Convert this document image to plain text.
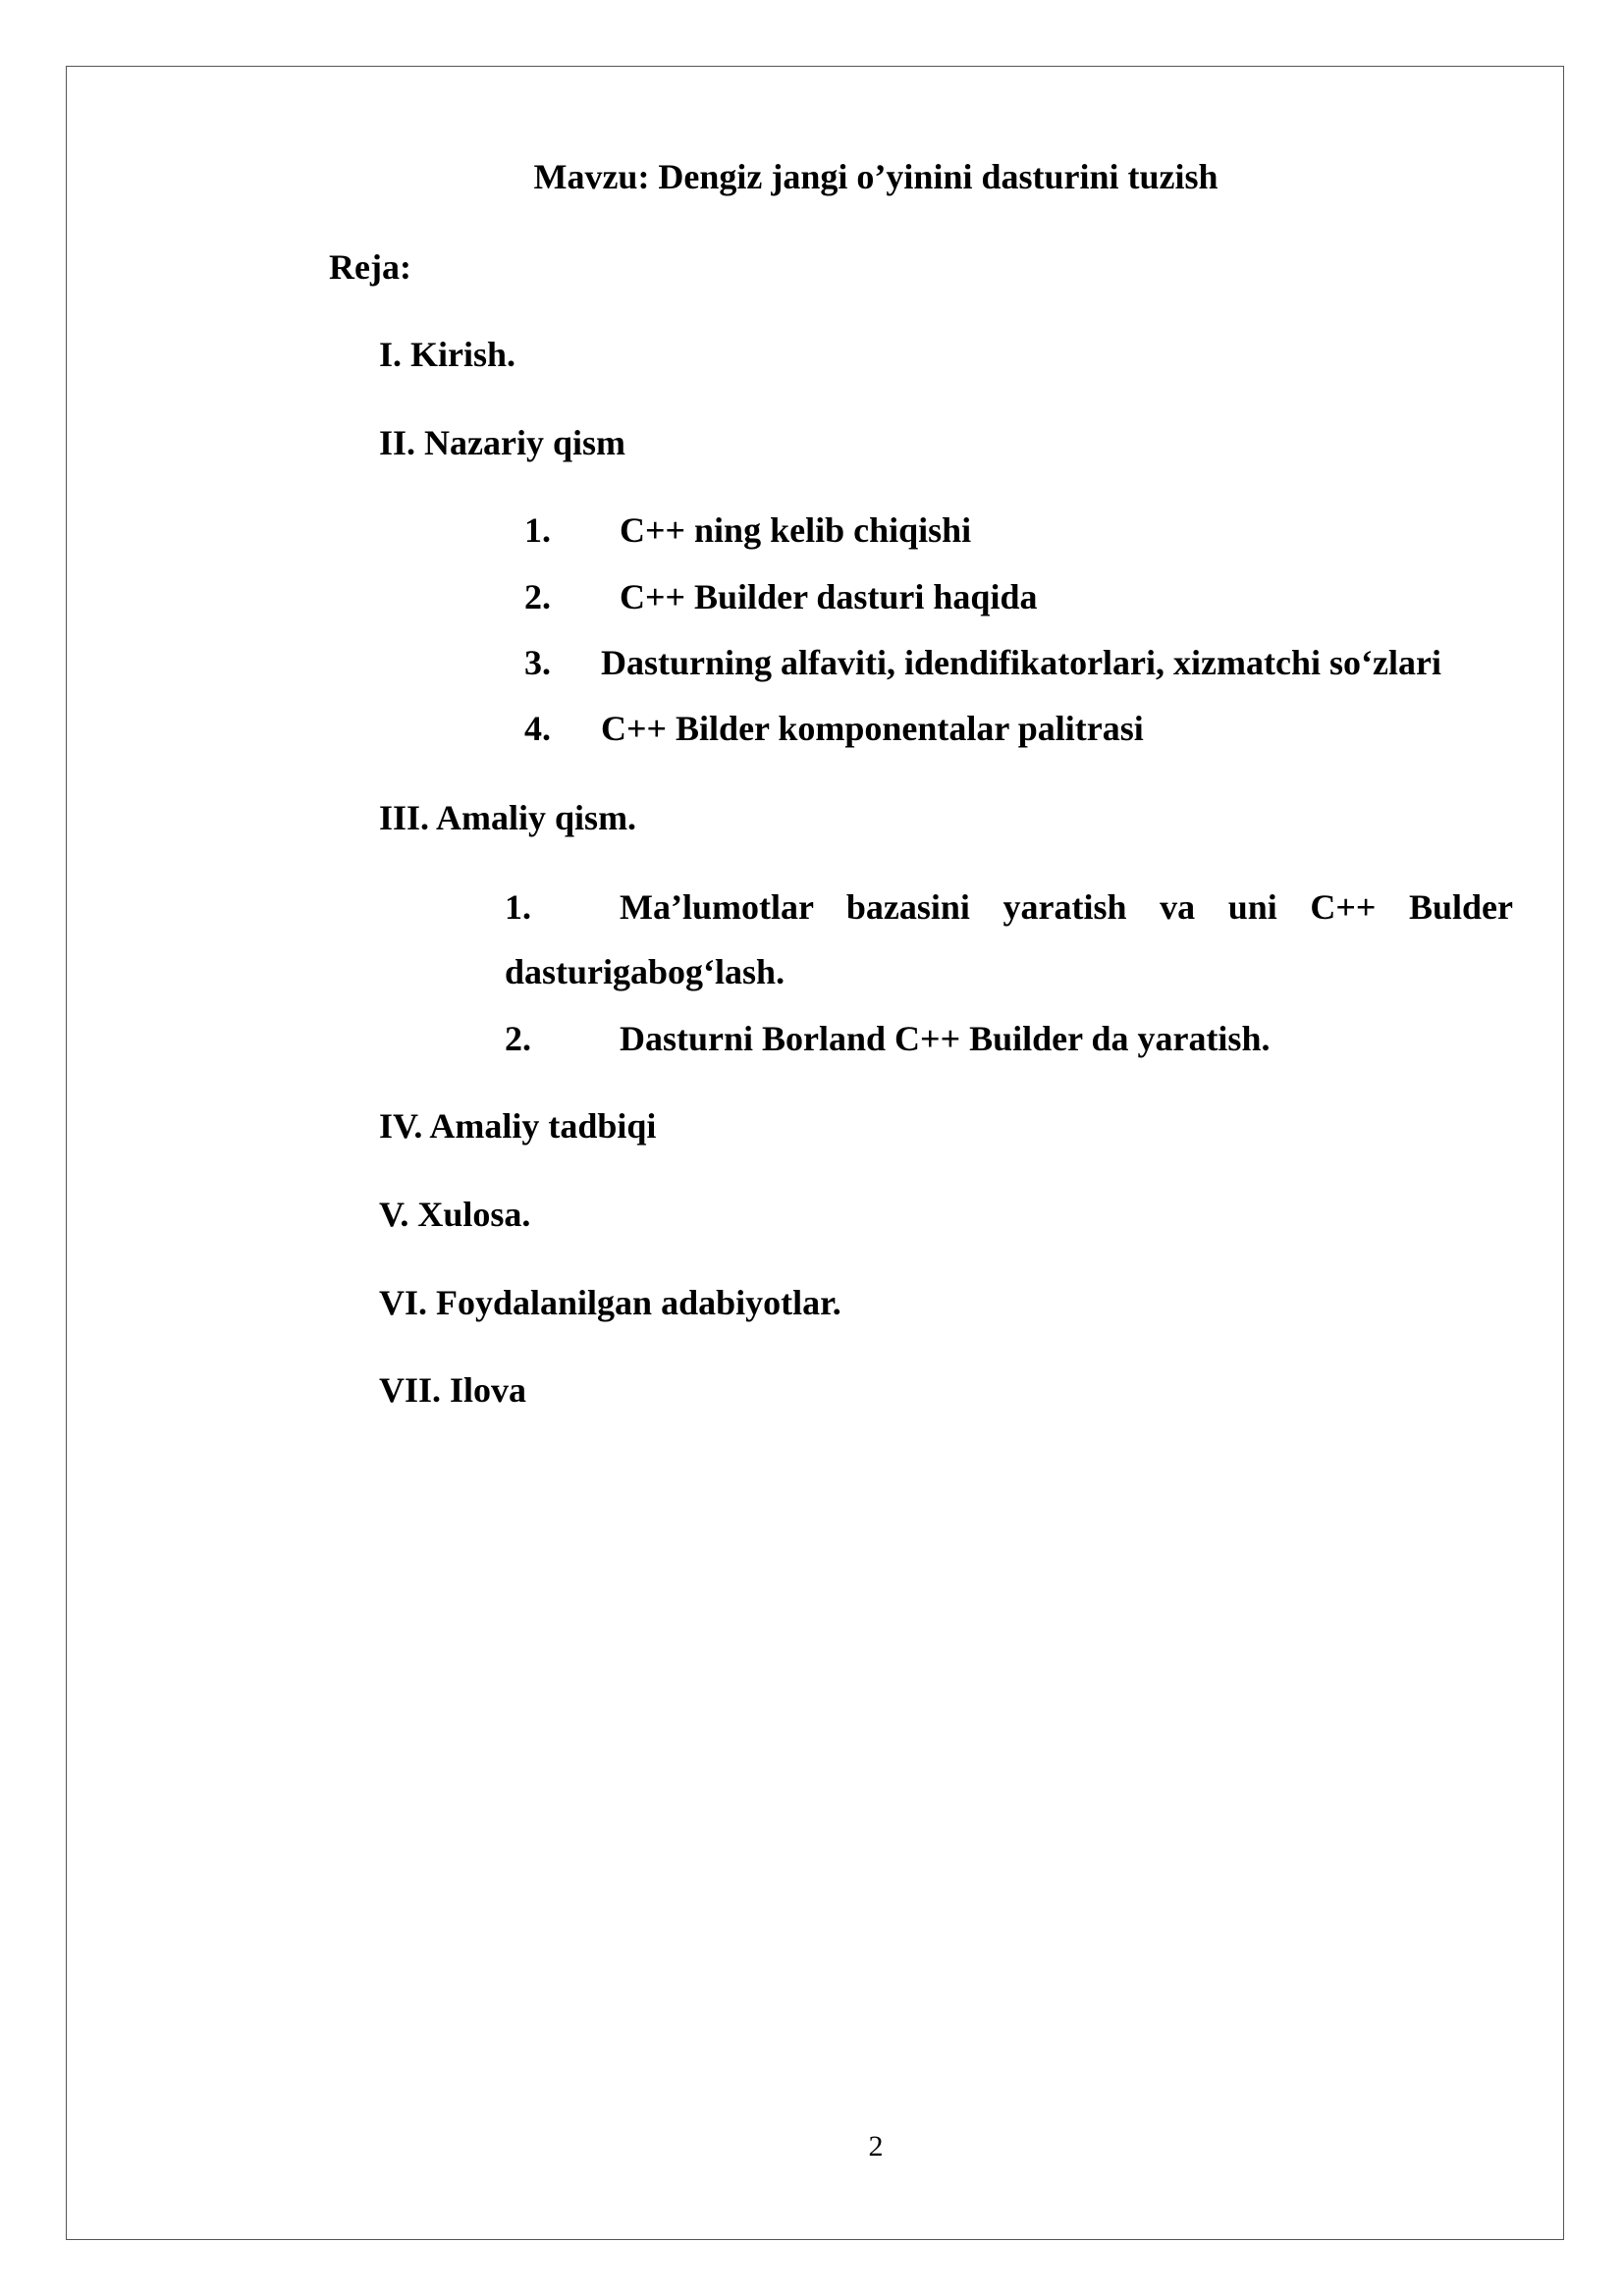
Mavzu: Dengiz jangi o’yinini dasturini tuzish
Reja:
I. Kirish.
II. Nazariy qism
1. C++ ning kelib chiqishi
2. C++ Builder dasturi haqida
3. Dasturning alfaviti, idendifikatorlari, xizmatchi so‘zlari
4. C++ Bilder komponentalar palitrasi
III. Amaliy qism.
1.	Ma’lumotlar bazasini yaratish va uni C++ Bulder
dasturigabog‘lash.
2.	Dasturni Borland C++ Builder da yaratish.
IV. Amaliy tadbiqi
V. Xulosa.
VI. Foydalanilgan adabiyotlar.
VII. Ilova
2
